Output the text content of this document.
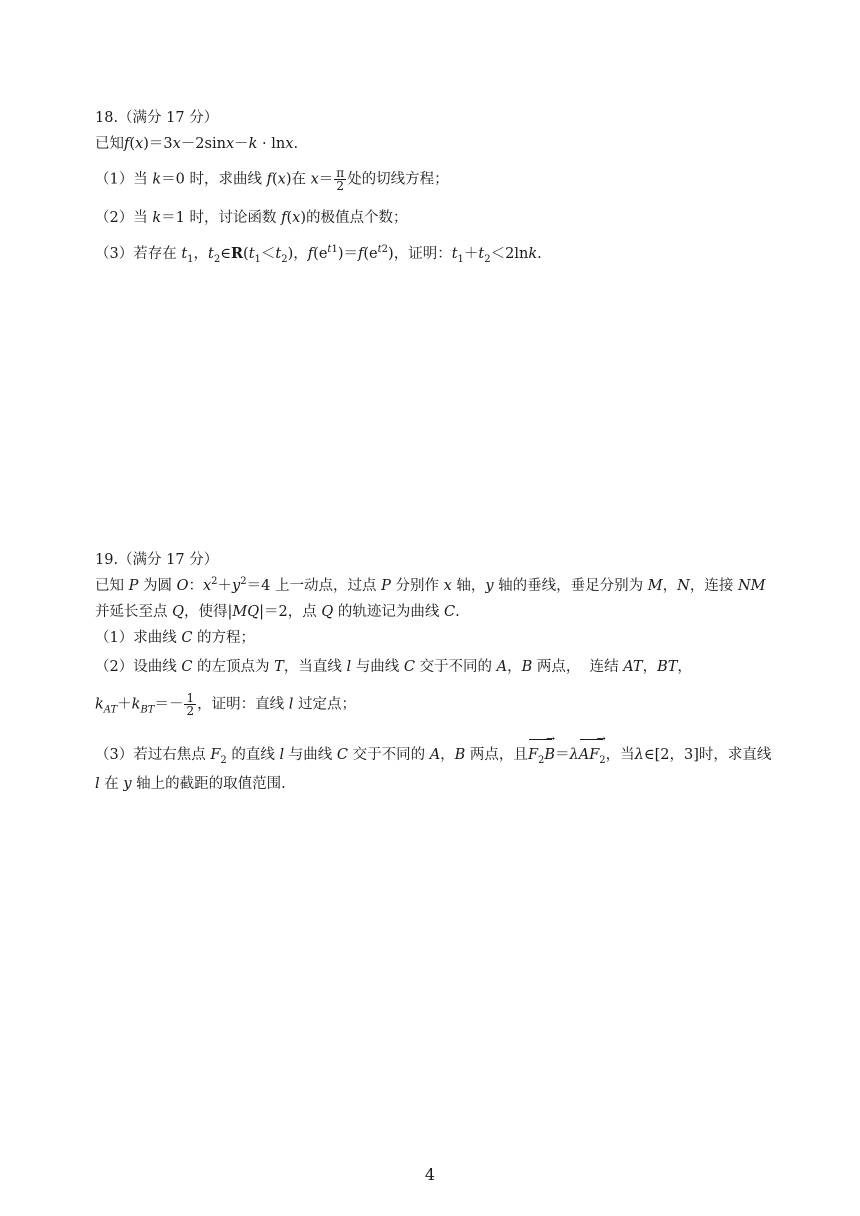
18.（满分 17 分）
已知f(x)＝3x－2sinx－k · lnx.
（1）当 k＝0 时，求曲线 f(x)在 $x= \frac{\pi}{2}$ 处的切线方程；
（2）当 k＝1 时，讨论函数 f(x)的极值点个数；
（3）若存在 $t_1$，$t_2\in R(t_1<t_2)$，$f(e^{t1})=f(e^{t2})$，证明：$t_1+t_2<2\ln k$.
19.（满分 17 分）
已知 P 为圆 O：$x^2+y^2=4$ 上一动点，过点 P 分别作 x 轴，y 轴的垂线，垂足分别为 M，N，连接 NM
并延长至点 Q，使得|MQ|＝2，点 Q 的轨迹记为曲线 C.
（1）求曲线 C 的方程；
（2）设曲线 C 的左顶点为 T，当直线 l 与曲线 C 交于不同的 A，B 两点，  连结 AT，BT，
$k_{AT}+k_{BT}=- \frac{1}{2}$ ，证明：直线 l 过定点；
（3）若过右焦点 $F_2$ 的直线 l 与曲线 C 交于不同的 A，B 两点，且
→
$F_2B=\lambda$
→
$AF_2$，当λ∈[2，3]时，求直线
l 在 y 轴上的截距的取值范围.
4
